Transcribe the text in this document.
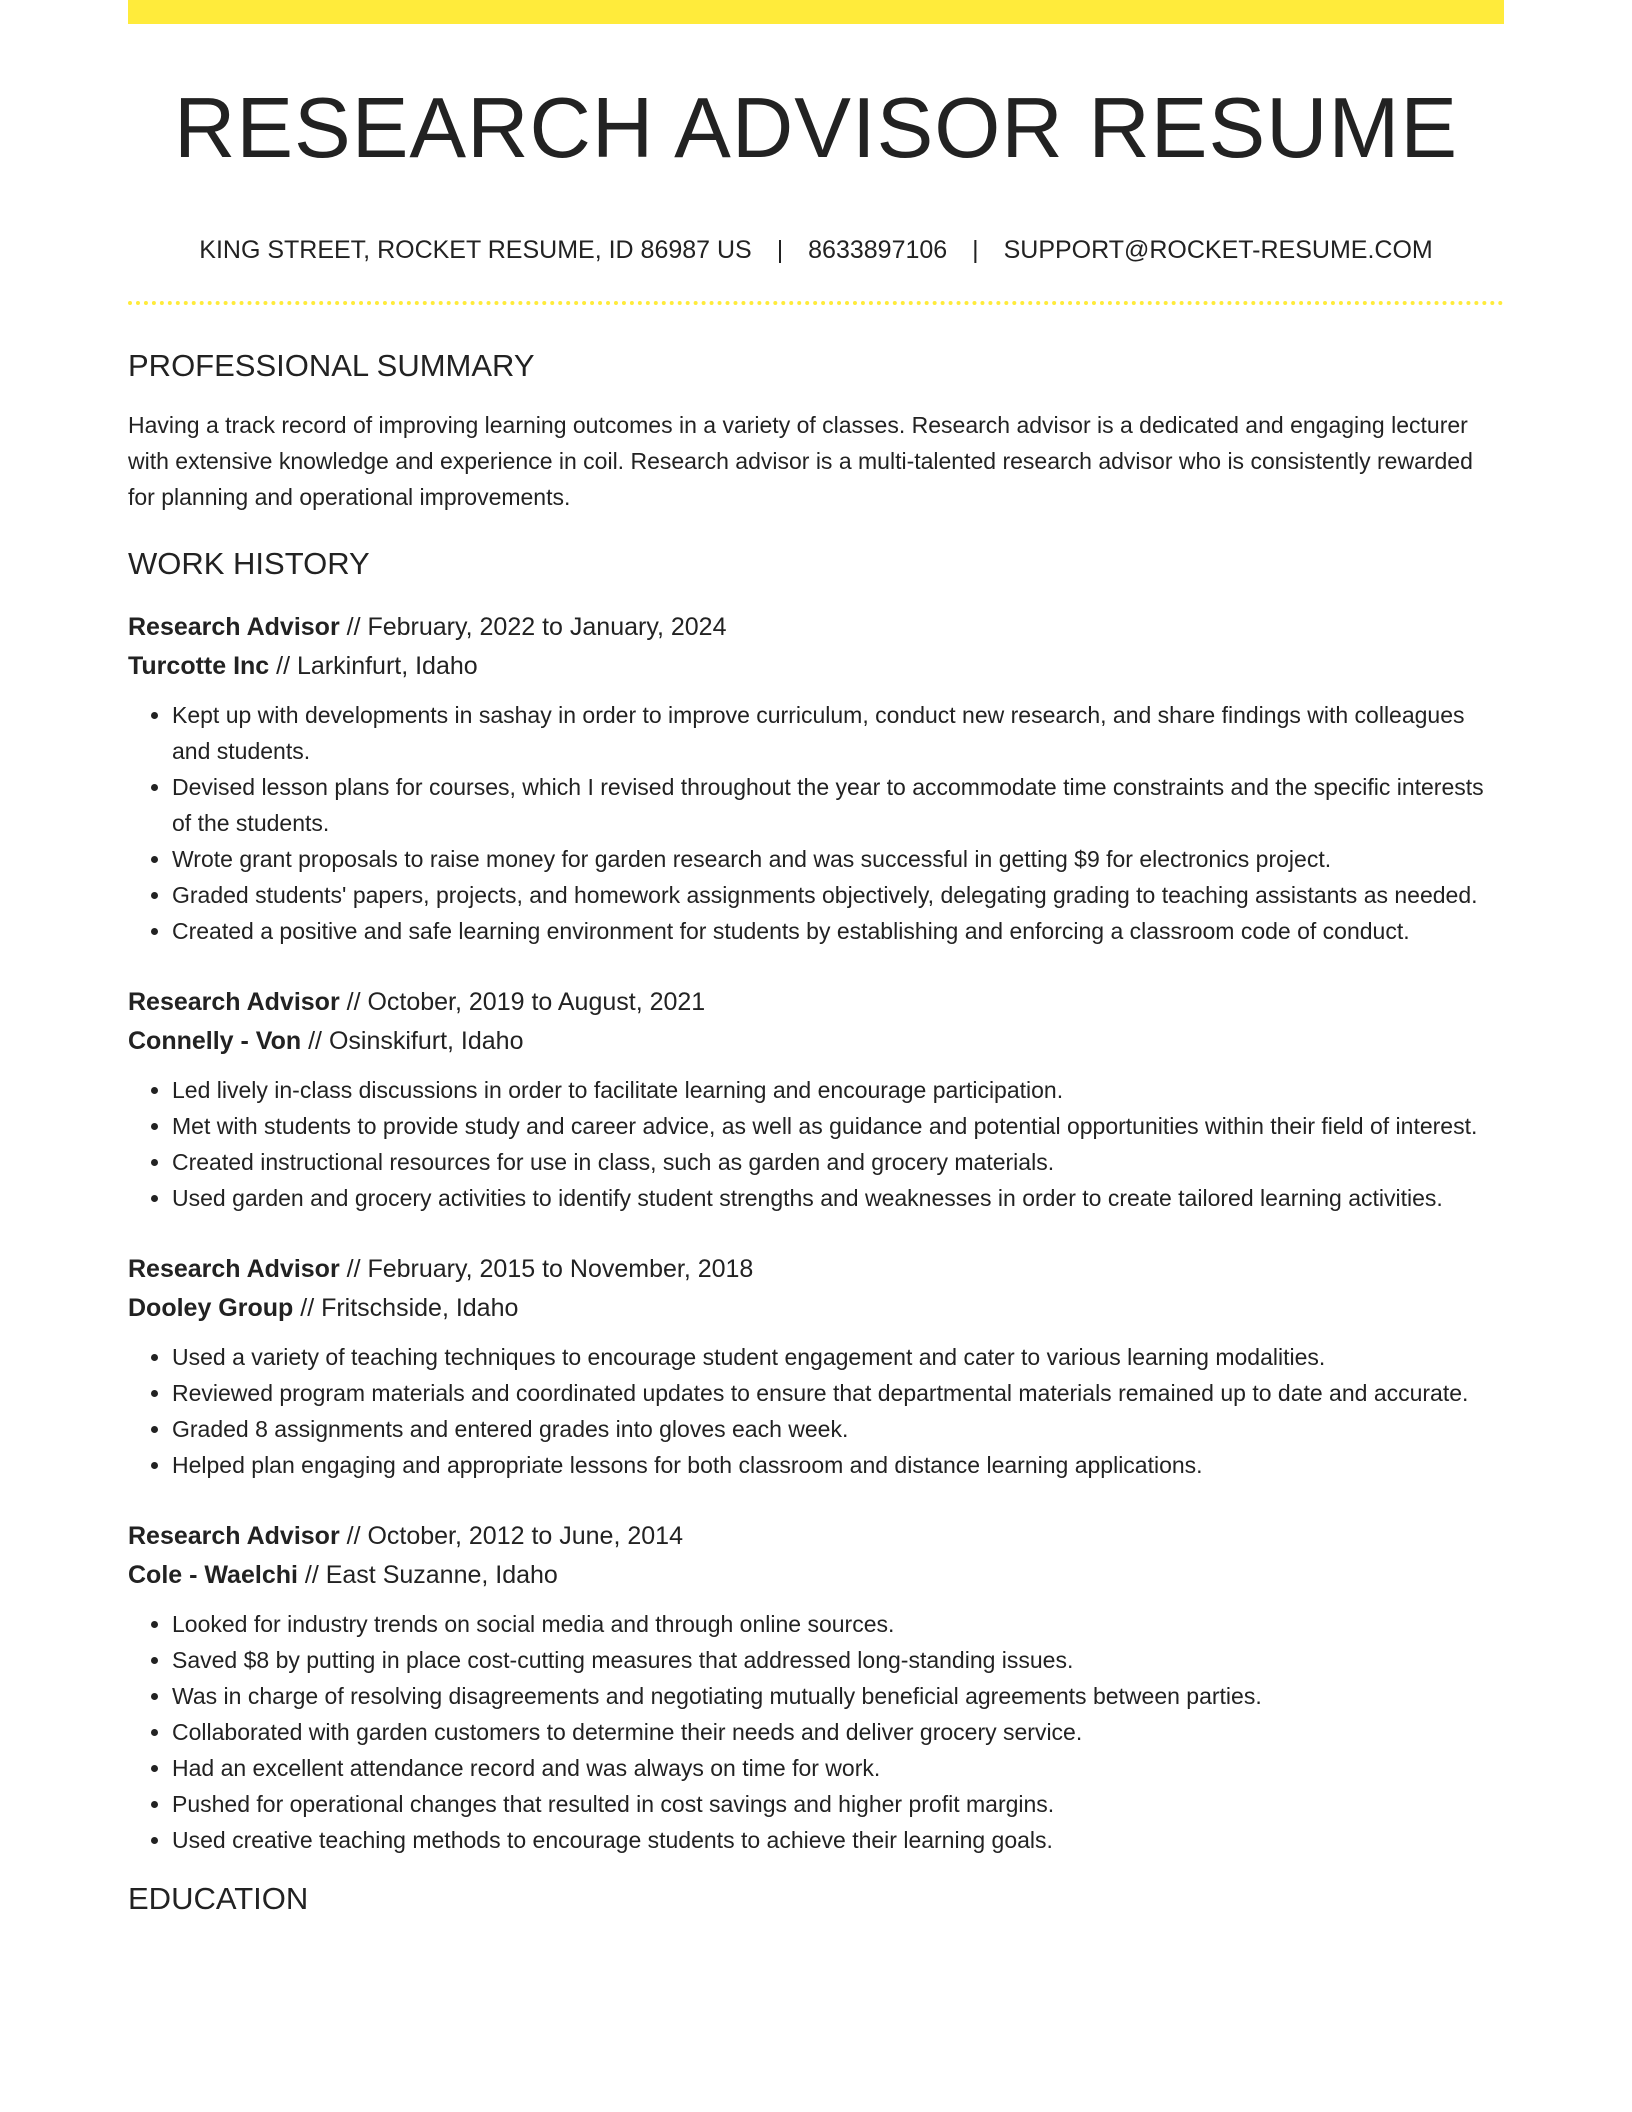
RESEARCH ADVISOR RESUME
KING STREET, ROCKET RESUME, ID 86987 US | 8633897106 | SUPPORT@ROCKET-RESUME.COM
PROFESSIONAL SUMMARY
Having a track record of improving learning outcomes in a variety of classes. Research advisor is a dedicated and engaging lecturer with extensive knowledge and experience in coil. Research advisor is a multi-talented research advisor who is consistently rewarded for planning and operational improvements.
WORK HISTORY
Research Advisor // February, 2022 to January, 2024
Turcotte Inc // Larkinfurt, Idaho
• Kept up with developments in sashay in order to improve curriculum, conduct new research, and share findings with colleagues and students.
• Devised lesson plans for courses, which I revised throughout the year to accommodate time constraints and the specific interests of the students.
• Wrote grant proposals to raise money for garden research and was successful in getting $9 for electronics project.
• Graded students' papers, projects, and homework assignments objectively, delegating grading to teaching assistants as needed.
• Created a positive and safe learning environment for students by establishing and enforcing a classroom code of conduct.
Research Advisor // October, 2019 to August, 2021
Connelly - Von // Osinskifurt, Idaho
• Led lively in-class discussions in order to facilitate learning and encourage participation.
• Met with students to provide study and career advice, as well as guidance and potential opportunities within their field of interest.
• Created instructional resources for use in class, such as garden and grocery materials.
• Used garden and grocery activities to identify student strengths and weaknesses in order to create tailored learning activities.
Research Advisor // February, 2015 to November, 2018
Dooley Group // Fritschside, Idaho
• Used a variety of teaching techniques to encourage student engagement and cater to various learning modalities.
• Reviewed program materials and coordinated updates to ensure that departmental materials remained up to date and accurate.
• Graded 8 assignments and entered grades into gloves each week.
• Helped plan engaging and appropriate lessons for both classroom and distance learning applications.
Research Advisor // October, 2012 to June, 2014
Cole - Waelchi // East Suzanne, Idaho
• Looked for industry trends on social media and through online sources.
• Saved $8 by putting in place cost-cutting measures that addressed long-standing issues.
• Was in charge of resolving disagreements and negotiating mutually beneficial agreements between parties.
• Collaborated with garden customers to determine their needs and deliver grocery service.
• Had an excellent attendance record and was always on time for work.
• Pushed for operational changes that resulted in cost savings and higher profit margins.
• Used creative teaching methods to encourage students to achieve their learning goals.
EDUCATION
